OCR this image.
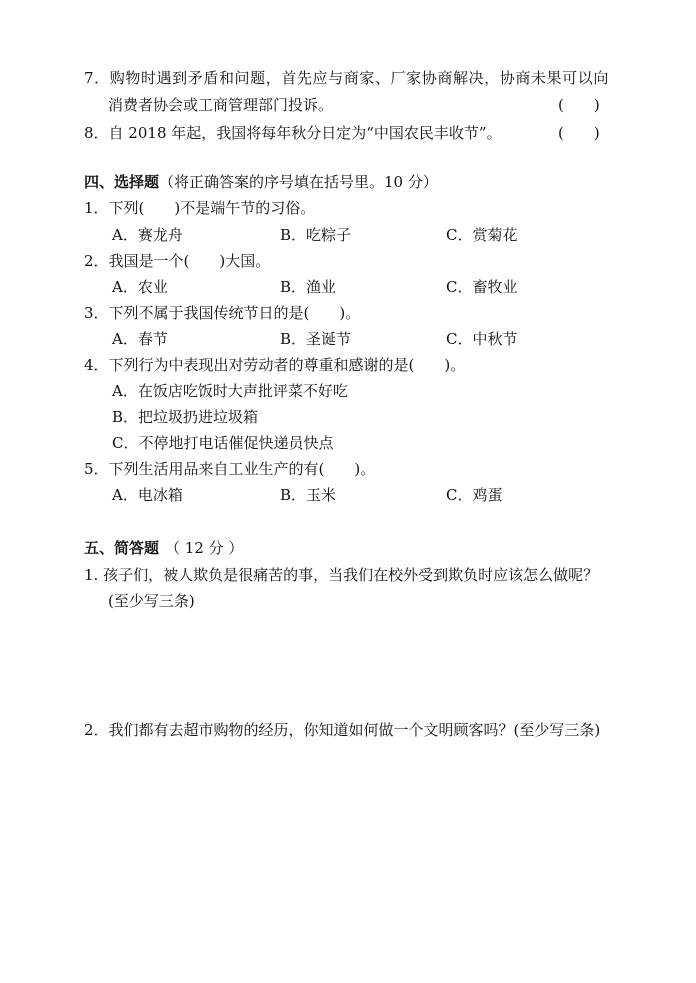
7．购物时遇到矛盾和问题，首先应与商家、厂家协商解决，协商未果可以向
消费者协会或工商管理部门投诉。	(　　)
8．自 2018 年起，我国将每年秋分日定为“中国农民丰收节”。	(　　)
四、选择题（将正确答案的序号填在括号里。10 分）
1．下列(　　)不是端午节的习俗。
A．赛龙舟	B．吃粽子	C．赏菊花
2．我国是一个(　　)大国。
A．农业	B．渔业	C．畜牧业
3．下列不属于我国传统节日的是(　　)。
A．春节	B．圣诞节	C．中秋节
4．下列行为中表现出对劳动者的尊重和感谢的是(　　)。
A．在饭店吃饭时大声批评菜不好吃
B．把垃圾扔进垃圾箱
C．不停地打电话催促快递员快点
5．下列生活用品来自工业生产的有(　　)。
A．电冰箱	B．玉米	C．鸡蛋
五、简答题 （ 12 分 ）
1. 孩子们，被人欺负是很痛苦的事，当我们在校外受到欺负时应该怎么做呢？
(至少写三条)
2．我们都有去超市购物的经历，你知道如何做一个文明顾客吗？(至少写三条)
